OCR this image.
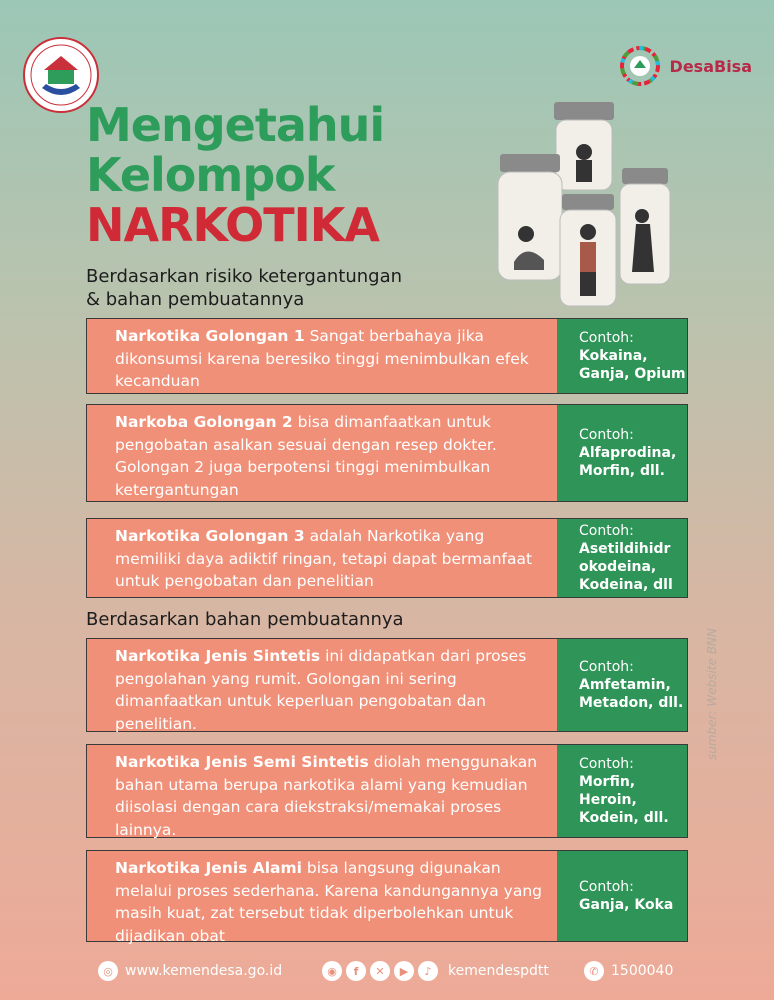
DesaBisa
Mengetahui
Kelompok
NARKOTIKA
Berdasarkan risiko ketergantungan
& bahan pembuatannya
Narkotika Golongan 1 Sangat berbahaya jika dikonsumsi karena beresiko tinggi menimbulkan efek kecanduan
Contoh:
Kokaina, Ganja, Opium
Narkoba Golongan 2 bisa dimanfaatkan untuk pengobatan asalkan sesuai dengan resep dokter. Golongan 2 juga berpotensi tinggi menimbulkan ketergantungan
Contoh:
Alfaprodina, Morfin, dll.
Narkotika Golongan 3 adalah Narkotika yang memiliki daya adiktif ringan, tetapi dapat bermanfaat untuk pengobatan dan penelitian
Contoh:
Asetildihidr okodeina, Kodeina, dll
Berdasarkan bahan pembuatannya
Narkotika Jenis Sintetis ini didapatkan dari proses pengolahan yang rumit. Golongan ini sering dimanfaatkan untuk keperluan pengobatan dan penelitian.
Contoh:
Amfetamin, Metadon, dll.
Narkotika Jenis Semi Sintetis diolah menggunakan bahan utama berupa narkotika alami yang kemudian diisolasi dengan cara diekstraksi/memakai proses lainnya.
Contoh:
Morfin, Heroin, Kodein, dll.
Narkotika Jenis Alami bisa langsung digunakan melalui proses sederhana. Karena kandungannya yang masih kuat, zat tersebut tidak diperbolehkan untuk dijadikan obat
Contoh:
Ganja, Koka
sumber: Website BNN
◎ www.kemendesa.go.id	◉	f	✕	▶	♪	kemendespdtt	✆ 1500040
